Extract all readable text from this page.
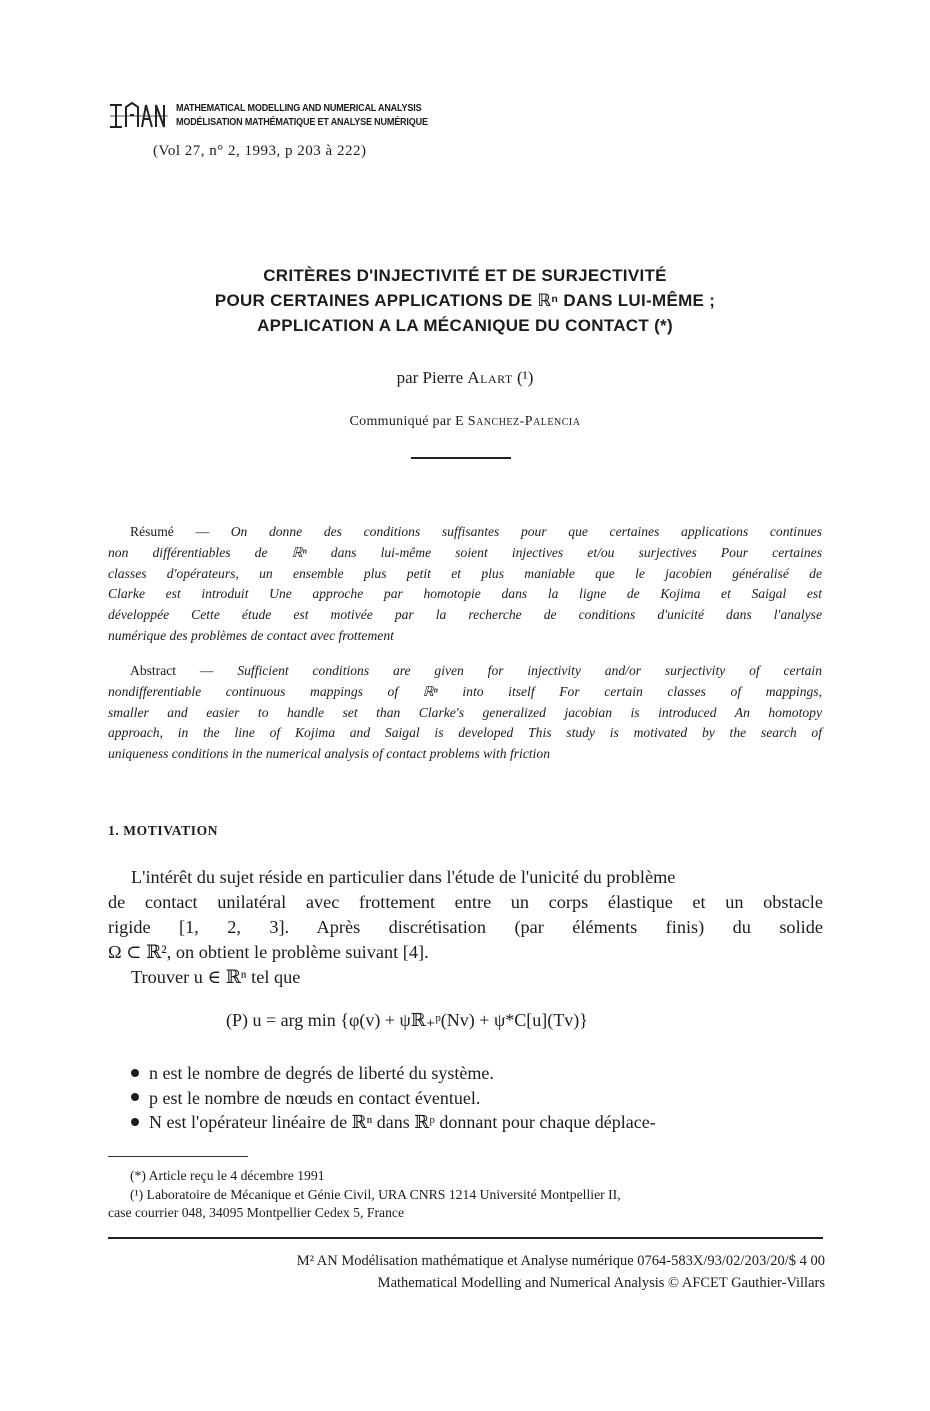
MATHEMATICAL MODELLING AND NUMERICAL ANALYSIS
MODÉLISATION MATHÉMATIQUE ET ANALYSE NUMÉRIQUE
(Vol 27, n° 2, 1993, p 203 à 222)
CRITÈRES D'INJECTIVITÉ ET DE SURJECTIVITÉ
POUR CERTAINES APPLICATIONS DE ℝⁿ DANS LUI-MÊME ;
APPLICATION A LA MÉCANIQUE DU CONTACT (*)
par Pierre Alart (¹)
Communiqué par E Sanchez-Palencia
Résumé — On donne des conditions suffisantes pour que certaines applications continues
non différentiables de ℝⁿ dans lui-même soient injectives et/ou surjectives Pour certaines
classes d'opérateurs, un ensemble plus petit et plus maniable que le jacobien généralisé de
Clarke est introduit Une approche par homotopie dans la ligne de Kojima et Saigal est
développée Cette étude est motivée par la recherche de conditions d'unicité dans l'analyse
numérique des problèmes de contact avec frottement
Abstract — Sufficient conditions are given for injectivity and/or surjectivity of certain
nondifferentiable continuous mappings of ℝⁿ into itself For certain classes of mappings,
smaller and easier to handle set than Clarke's generalized jacobian is introduced An homotopy
approach, in the line of Kojima and Saigal is developed This study is motivated by the search of
uniqueness conditions in the numerical analysis of contact problems with friction
1. MOTIVATION
L'intérêt du sujet réside en particulier dans l'étude de l'unicité du problème
de contact unilatéral avec frottement entre un corps élastique et un obstacle
rigide [1, 2, 3]. Après discrétisation (par éléments finis) du solide
Ω ⊂ ℝ², on obtient le problème suivant [4].
Trouver u ∈ ℝⁿ tel que
(P) u = arg min {φ(v) + ψℝ₊ᵖ(Nv) + ψ*C[u](Tv)}
n est le nombre de degrés de liberté du système.
p est le nombre de nœuds en contact éventuel.
N est l'opérateur linéaire de ℝⁿ dans ℝᵖ donnant pour chaque déplace-
(*) Article reçu le 4 décembre 1991
(¹) Laboratoire de Mécanique et Génie Civil, URA CNRS 1214 Université Montpellier II,
case courrier 048, 34095 Montpellier Cedex 5, France
M² AN Modélisation mathématique et Analyse numérique 0764-583X/93/02/203/20/$ 4 00
Mathematical Modelling and Numerical Analysis © AFCET Gauthier-Villars
